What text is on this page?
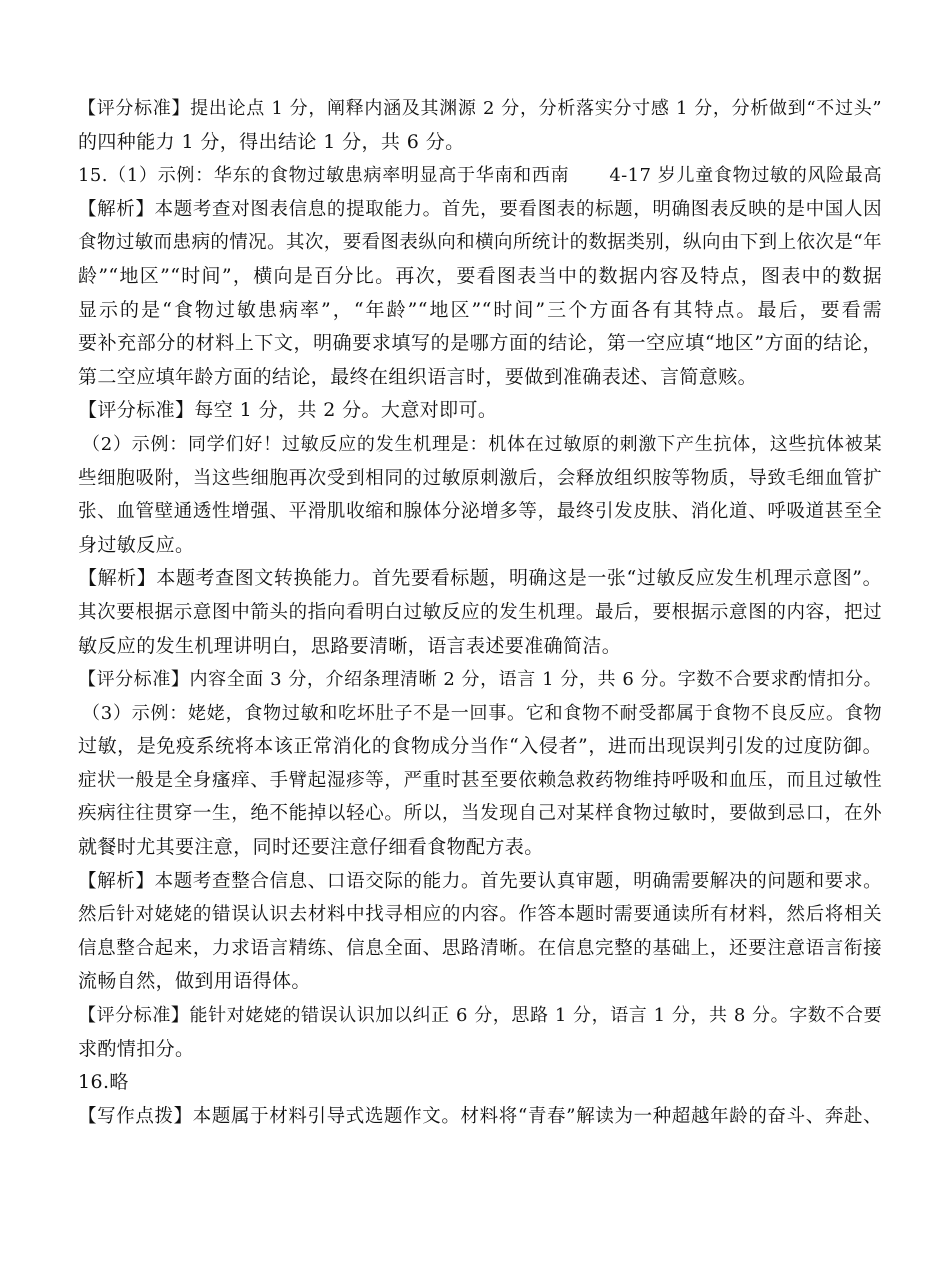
【评分标准】提出论点 1 分，阐释内涵及其渊源 2 分，分析落实分寸感 1 分，分析做到“不过头”
的四种能力 1 分，得出结论 1 分，共 6 分。
15.（1）示例：华东的食物过敏患病率明显高于华南和西南 4-17 岁儿童食物过敏的风险最高
【解析】本题考查对图表信息的提取能力。首先，要看图表的标题，明确图表反映的是中国人因
食物过敏而患病的情况。其次，要看图表纵向和横向所统计的数据类别，纵向由下到上依次是“年
龄”“地区”“时间”，横向是百分比。再次，要看图表当中的数据内容及特点，图表中的数据
显示的是“食物过敏患病率”，“年龄”“地区”“时间”三个方面各有其特点。最后，要看需
要补充部分的材料上下文，明确要求填写的是哪方面的结论，第一空应填“地区”方面的结论，
第二空应填年龄方面的结论，最终在组织语言时，要做到准确表述、言简意赅。
【评分标准】每空 1 分，共 2 分。大意对即可。
（2）示例：同学们好！过敏反应的发生机理是：机体在过敏原的刺激下产生抗体，这些抗体被某
些细胞吸附，当这些细胞再次受到相同的过敏原刺激后，会释放组织胺等物质，导致毛细血管扩
张、血管壁通透性增强、平滑肌收缩和腺体分泌增多等，最终引发皮肤、消化道、呼吸道甚至全
身过敏反应。
【解析】本题考查图文转换能力。首先要看标题，明确这是一张“过敏反应发生机理示意图”。
其次要根据示意图中箭头的指向看明白过敏反应的发生机理。最后，要根据示意图的内容，把过
敏反应的发生机理讲明白，思路要清晰，语言表述要准确简洁。
【评分标准】内容全面 3 分，介绍条理清晰 2 分，语言 1 分，共 6 分。字数不合要求酌情扣分。
（3）示例：姥姥，食物过敏和吃坏肚子不是一回事。它和食物不耐受都属于食物不良反应。食物
过敏，是免疫系统将本该正常消化的食物成分当作“入侵者”，进而出现误判引发的过度防御。
症状一般是全身瘙痒、手臂起湿疹等，严重时甚至要依赖急救药物维持呼吸和血压，而且过敏性
疾病往往贯穿一生，绝不能掉以轻心。所以，当发现自己对某样食物过敏时，要做到忌口，在外
就餐时尤其要注意，同时还要注意仔细看食物配方表。
【解析】本题考查整合信息、口语交际的能力。首先要认真审题，明确需要解决的问题和要求。
然后针对姥姥的错误认识去材料中找寻相应的内容。作答本题时需要通读所有材料，然后将相关
信息整合起来，力求语言精练、信息全面、思路清晰。在信息完整的基础上，还要注意语言衔接
流畅自然，做到用语得体。
【评分标准】能针对姥姥的错误认识加以纠正 6 分，思路 1 分，语言 1 分，共 8 分。字数不合要
求酌情扣分。
16.略
【写作点拨】本题属于材料引导式选题作文。材料将“青春”解读为一种超越年龄的奋斗、奔赴、
